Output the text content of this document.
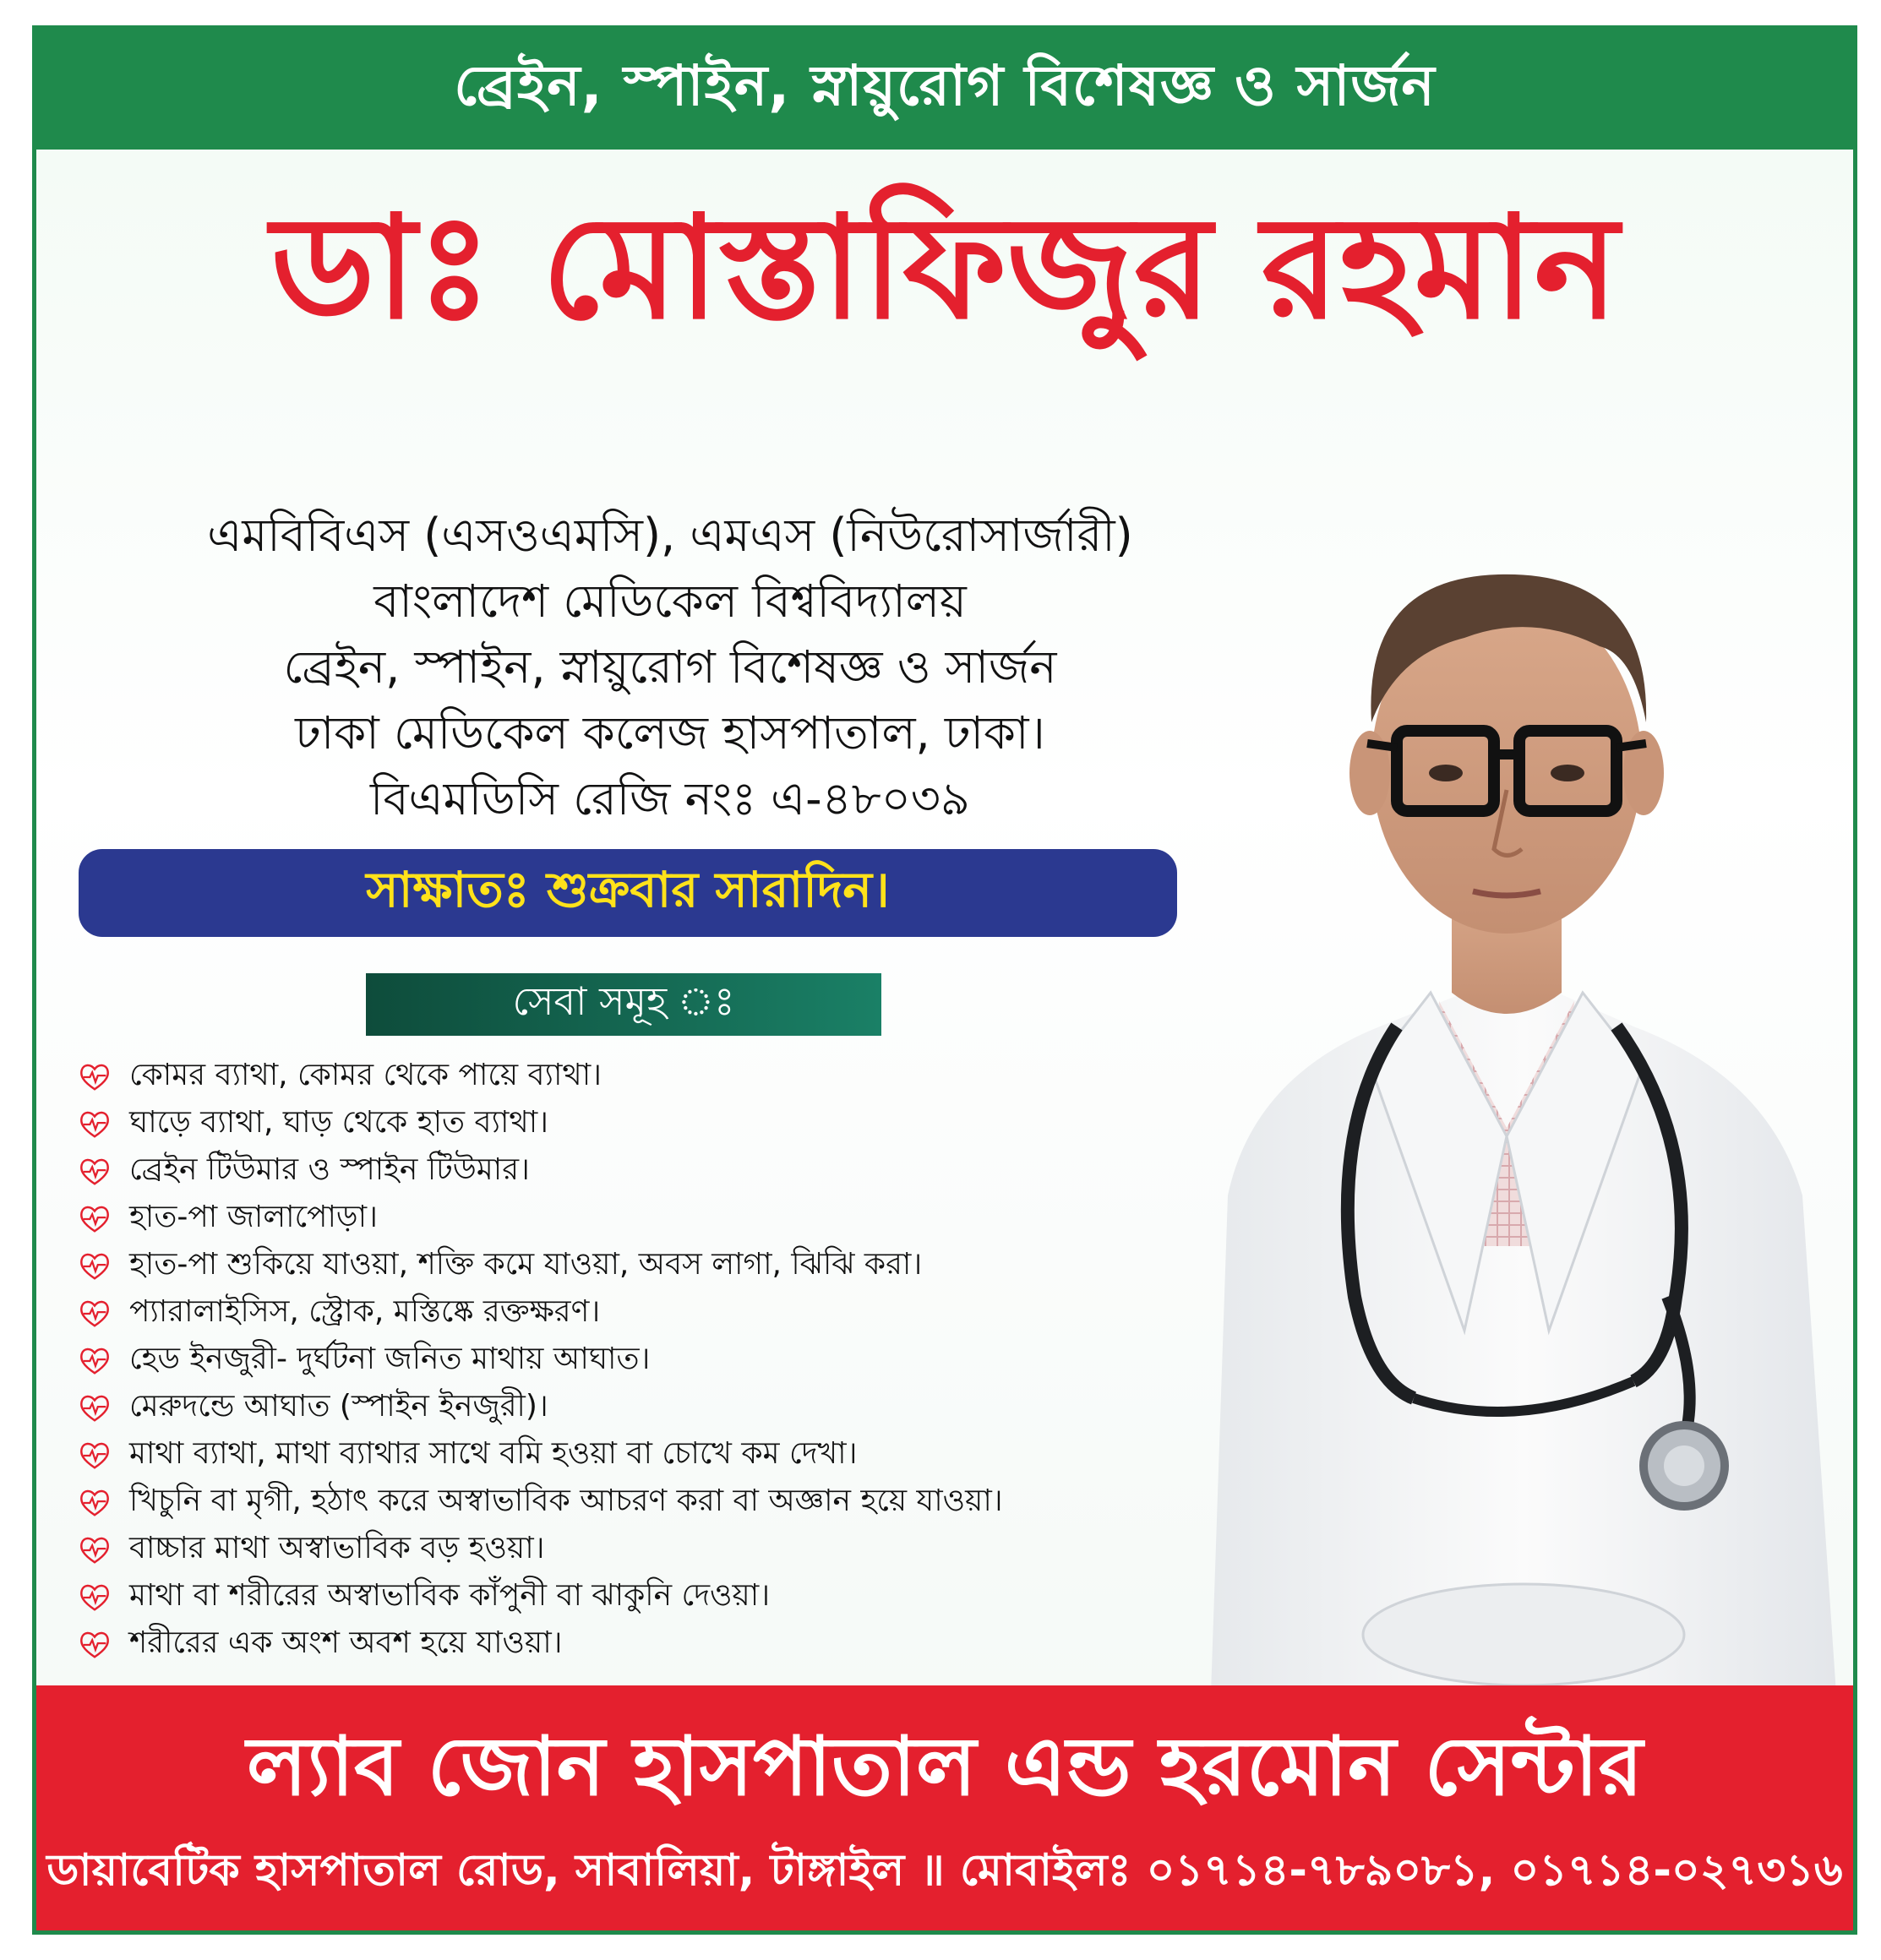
ব্রেইন, স্পাইন, স্নায়ুরোগ বিশেষজ্ঞ ও সার্জন
ডাঃ মোস্তাফিজুর রহমান
এমবিবিএস (এসওএমসি), এমএস (নিউরোসার্জারী)
বাংলাদেশ মেডিকেল বিশ্ববিদ্যালয়
ব্রেইন, স্পাইন, স্নায়ুরোগ বিশেষজ্ঞ ও সার্জন
ঢাকা মেডিকেল কলেজ হাসপাতাল, ঢাকা।
বিএমডিসি রেজি নংঃ এ-৪৮০৩৯
সাক্ষাতঃ শুক্রবার সারাদিন।
সেবা সমূহ ঃ
কোমর ব্যাথা, কোমর থেকে পায়ে ব্যাথা।
ঘাড়ে ব্যাথা, ঘাড় থেকে হাত ব্যাথা।
ব্রেইন টিউমার ও স্পাইন টিউমার।
হাত-পা জালাপোড়া।
হাত-পা শুকিয়ে যাওয়া, শক্তি কমে যাওয়া, অবস লাগা, ঝিঝি করা।
প্যারালাইসিস, স্ট্রোক, মস্তিষ্কে রক্তক্ষরণ।
হেড ইনজুরী- দুর্ঘটনা জনিত মাথায় আঘাত।
মেরুদন্ডে আঘাত (স্পাইন ইনজুরী)।
মাথা ব্যাথা, মাথা ব্যাথার সাথে বমি হওয়া বা চোখে কম দেখা।
খিচুনি বা মৃগী, হঠাৎ করে অস্বাভাবিক আচরণ করা বা অজ্ঞান হয়ে যাওয়া।
বাচ্চার মাথা অস্বাভাবিক বড় হওয়া।
মাথা বা শরীরের অস্বাভাবিক কাঁপুনী বা ঝাকুনি দেওয়া।
শরীরের এক অংশ অবশ হয়ে যাওয়া।
ল্যাব জোন হাসপাতাল এন্ড হরমোন সেন্টার
ডায়াবেটিক হাসপাতাল রোড, সাবালিয়া, টাঙ্গাইল ॥ মোবাইলঃ ০১৭১৪-৭৮৯০৮১, ০১৭১৪-০২৭৩১৬
